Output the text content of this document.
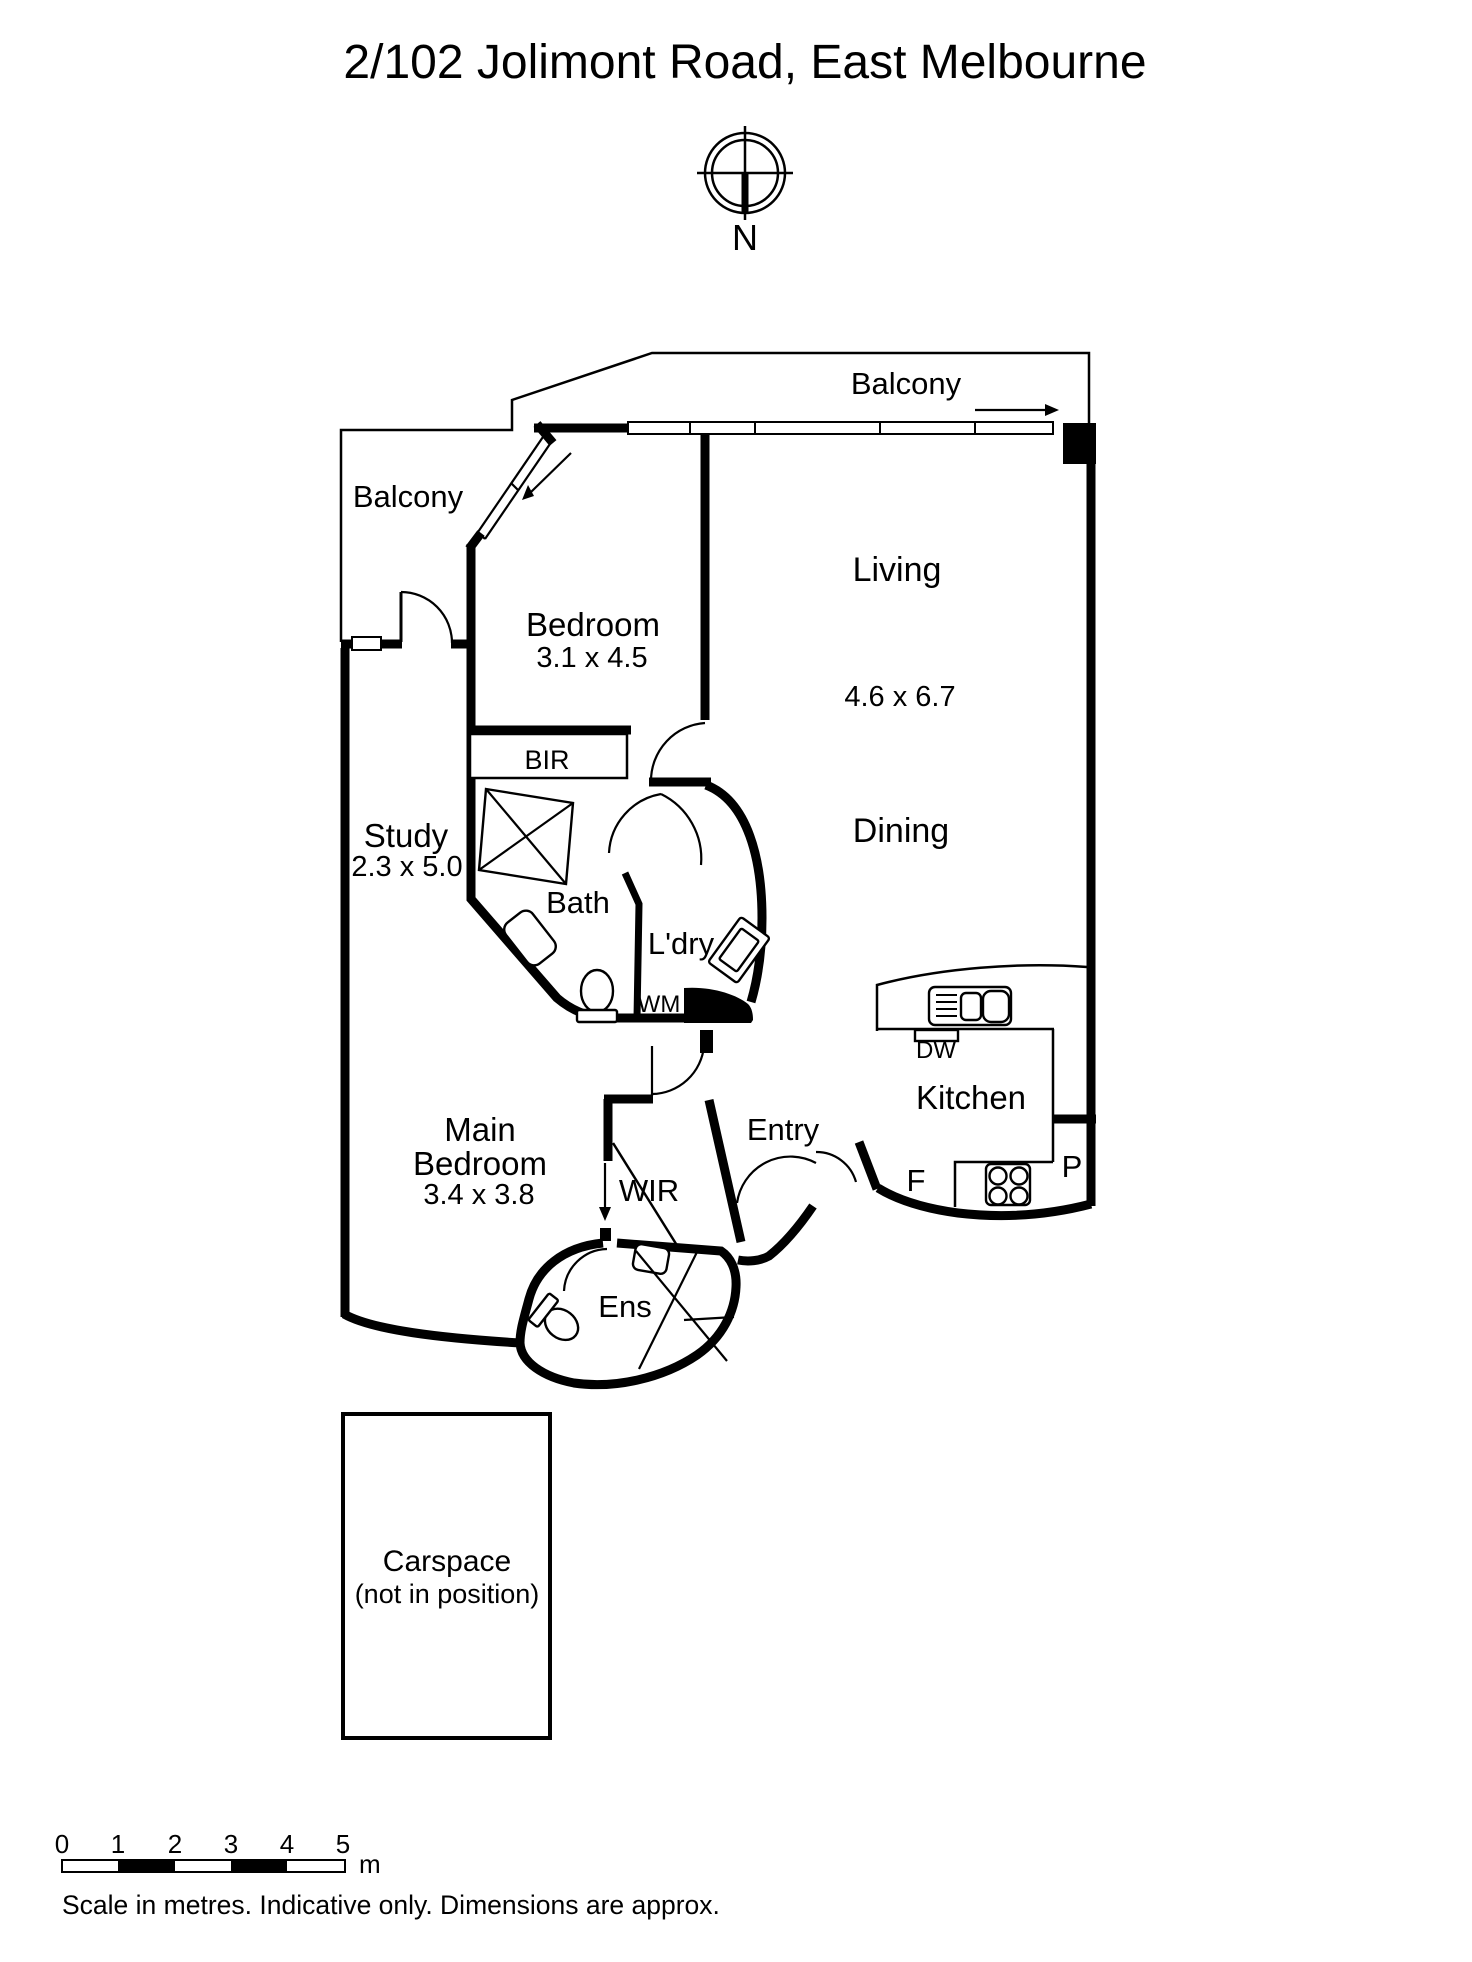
2/102 Jolimont Road, East Melbourne
N
Balcony
Balcony
Living
4.6 x 6.7
Dining
Bedroom
3.1 x 4.5
BIR
Study
2.3 x 5.0
Bath
L'dry
WM
DW
Kitchen
F	P
Entry
Main
Bedroom
3.4 x 3.8	WIR
Ens
Carspace
(not in position)
0 1 2 3 4 5
m
Scale in metres. Indicative only. Dimensions are approx.
